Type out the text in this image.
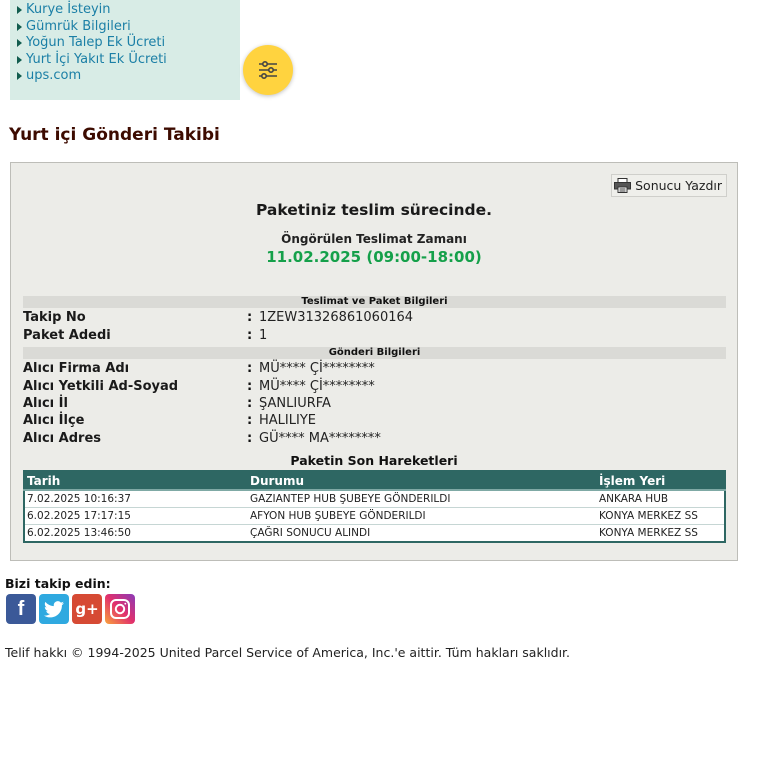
Kurye İsteyin
Gümrük Bilgileri
Yoğun Talep Ek Ücreti
Yurt İçi Yakıt Ek Ücreti
ups.com
Yurt içi Gönderi Takibi
Sonucu Yazdır
Paketiniz teslim sürecinde.
Öngörülen Teslimat Zamanı
11.02.2025 (09:00-18:00)
Teslimat ve Paket Bilgileri
Takip No	: 1ZEW31326861060164
Paket Adedi	: 1
Gönderi Bilgileri
Alıcı Firma Adı	: MÜ**** Çİ********
Alıcı Yetkili Ad-Soyad	: MÜ**** Çİ********
Alıcı İl	: ŞANLIURFA
Alıcı İlçe	: HALILIYE
Alıcı Adres	: GÜ**** MA********
Paketin Son Hareketleri
Tarih	Durumu	İşlem Yeri
7.02.2025 10:16:37	GAZIANTEP HUB ŞUBEYE GÖNDERILDI	ANKARA HUB
6.02.2025 17:17:15	AFYON HUB ŞUBEYE GÖNDERILDI	KONYA MERKEZ SS
6.02.2025 13:46:50	ÇAĞRI SONUCU ALINDI	KONYA MERKEZ SS
Bizi takip edin:
f	g+
Telif hakkı © 1994-2025 United Parcel Service of America, Inc.'e aittir. Tüm hakları saklıdır.
